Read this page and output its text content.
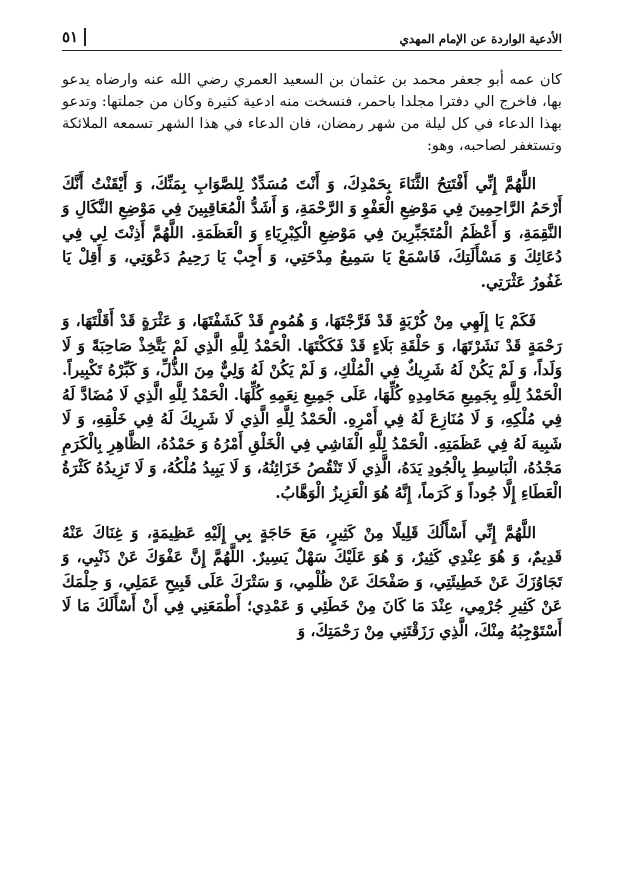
الأدعية الواردة عن الإمام المهدي
٥١

كان عمه أبو جعفر محمد بن عثمان بن السعيد العمري رضي الله عنه وارضاه يدعو بها، فاخرج الي دفترا مجلدا باحمر، فنسخت منه ادعية كثيرة وكان من جملتها: وتدعو بهذا الدعاء في كل ليلة من شهر رمضان، فان الدعاء في هذا الشهر تسمعه الملائكة وتستغفر لصاحبه، وهو:

اللَّهُمَّ إِنِّي أَفْتَتِحُ الثَّنَاءَ بِحَمْدِكَ، وَ أَنْتَ مُسَدِّدٌ لِلصَّوَابِ بِمَنِّكَ، وَ أَيْقَنْتُ أَنَّكَ أَرْحَمُ الرَّاحِمِينَ فِي مَوْضِعِ الْعَفْوِ وَ الرَّحْمَةِ، وَ أَشَدُّ الْمُعَاقِبِينَ فِي مَوْضِعِ النَّكَالِ وَ النَّقِمَةِ، وَ أَعْظَمُ الْمُتَجَبِّرِينَ فِي مَوْضِعِ الْكِبْرِيَاءِ وَ الْعَظَمَةِ. اللَّهُمَّ أَذِنْتَ لِي فِي دُعَائِكَ وَ مَسْأَلَتِكَ، فَاسْمَعْ يَا سَمِيعُ مِدْحَتِي، وَ أَجِبْ يَا رَحِيمُ دَعْوَتِي، وَ أَقِلْ يَا غَفُورُ عَثْرَتِي.

فَكَمْ يَا إِلَهِي مِنْ كُرْبَةٍ قَدْ فَرَّجْتَهَا، وَ هُمُومٍ قَدْ كَشَفْتَهَا، وَ عَثْرَةٍ قَدْ أَقَلْتَهَا، وَ رَحْمَةٍ قَدْ نَشَرْتَهَا، وَ حَلْقَةِ بَلَاءٍ قَدْ فَكَكْتَهَا. الْحَمْدُ لِلَّهِ الَّذِي لَمْ يَتَّخِذْ صَاحِبَةً وَ لَا وَلَداً، وَ لَمْ يَكُنْ لَهُ شَرِيكٌ فِي الْمُلْكِ، وَ لَمْ يَكُنْ لَهُ وَلِيٌّ مِنَ الذُّلِّ، وَ كَبِّرْهُ تَكْبِيراً. الْحَمْدُ لِلَّهِ بِجَمِيعِ مَحَامِدِهِ كُلِّهَا، عَلَى جَمِيعِ نِعَمِهِ كُلِّهَا. الْحَمْدُ لِلَّهِ الَّذِي لَا مُضَادَّ لَهُ فِي مُلْكِهِ، وَ لَا مُنَازِعَ لَهُ فِي أَمْرِهِ. الْحَمْدُ لِلَّهِ الَّذِي لَا شَرِيكَ لَهُ فِي خَلْقِهِ، وَ لَا شَبِيهَ لَهُ فِي عَظَمَتِهِ. الْحَمْدُ لِلَّهِ الْفَاشِي فِي الْخَلْقِ أَمْرُهُ وَ حَمْدُهُ، الظَّاهِرِ بِالْكَرَمِ مَجْدُهُ، الْبَاسِطِ بِالْجُودِ يَدَهُ، الَّذِي لَا تَنْقُصُ خَزَائِنُهُ، وَ لَا يَبِيدُ مُلْكُهُ، وَ لَا تَزِيدُهُ كَثْرَةُ الْعَطَاءِ إِلَّا جُوداً وَ كَرَماً، إِنَّهُ هُوَ الْعَزِيزُ الْوَهَّابُ.

اللَّهُمَّ إِنِّي أَسْأَلُكَ قَلِيلًا مِنْ كَثِيرٍ، مَعَ حَاجَةٍ بِي إِلَيْهِ عَظِيمَةٍ، وَ غِنَاكَ عَنْهُ قَدِيمٌ، وَ هُوَ عِنْدِي كَثِيرٌ، وَ هُوَ عَلَيْكَ سَهْلٌ يَسِيرٌ. اللَّهُمَّ إِنَّ عَفْوَكَ عَنْ ذَنْبِي، وَ تَجَاوُزَكَ عَنْ خَطِيئَتِي، وَ صَفْحَكَ عَنْ ظُلْمِي، وَ سَتْرَكَ عَلَى قَبِيحِ عَمَلِي، وَ حِلْمَكَ عَنْ كَثِيرِ جُرْمِي، عِنْدَ مَا كَانَ مِنْ خَطَئِي وَ عَمْدِي؛ أَطْمَعَنِي فِي أَنْ أَسْأَلَكَ مَا لَا أَسْتَوْجِبُهُ مِنْكَ، الَّذِي رَزَقْتَنِي مِنْ رَحْمَتِكَ، وَ
